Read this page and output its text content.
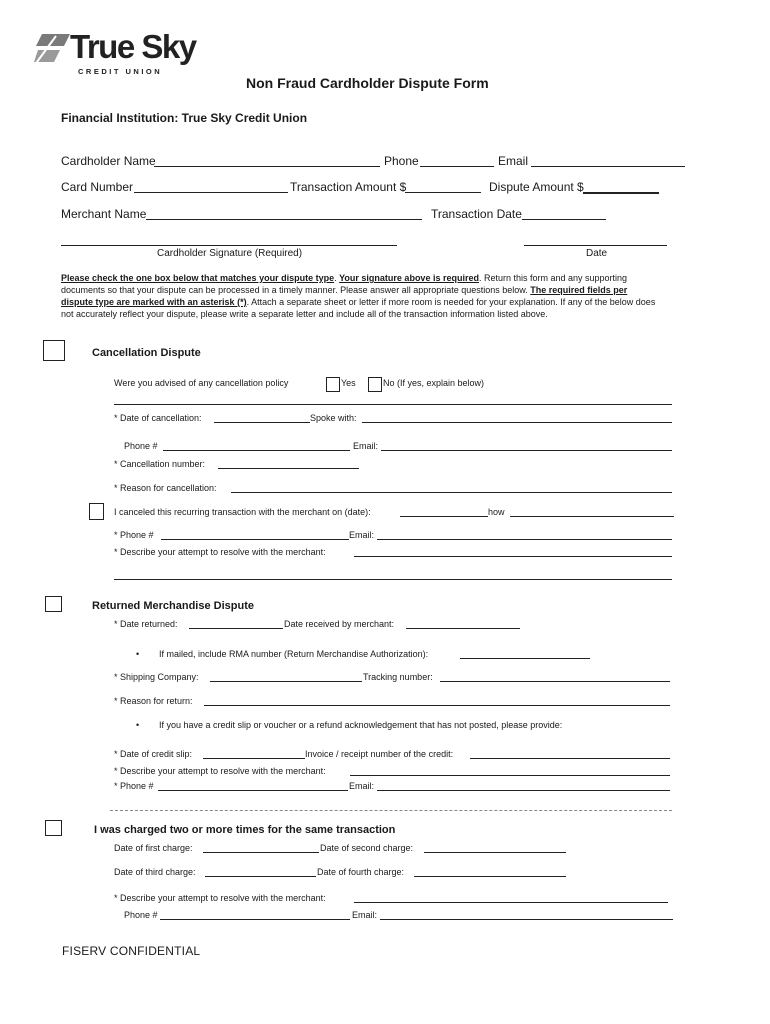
True Sky
CREDIT UNION
Non Fraud Cardholder Dispute Form
Financial Institution: True Sky Credit Union
Cardholder Name	Phone	Email
Card Number	Transaction Amount $	Dispute Amount $
Merchant Name	Transaction Date
Cardholder Signature (Required)	Date
Please check the one box below that matches your dispute type. Your signature above is required. Return this form and any supporting documents so that your dispute can be processed in a timely manner. Please answer all appropriate questions below. The required fields per dispute type are marked with an asterisk (*). Attach a separate sheet or letter if more room is needed for your explanation. If any of the below does not accurately reflect your dispute, please write a separate letter and include all of the transaction information listed above.
Cancellation Dispute
Were you advised of any cancellation policy	Yes	No (If yes, explain below)
* Date of cancellation:	Spoke with:
Phone #	Email:
* Cancellation number:
* Reason for cancellation:
I canceled this recurring transaction with the merchant on (date):	how
* Phone #	Email:
* Describe your attempt to resolve with the merchant:
Returned Merchandise Dispute
* Date returned:	Date received by merchant:
• If mailed, include RMA number (Return Merchandise Authorization):
* Shipping Company:	Tracking number:
* Reason for return:
• If you have a credit slip or voucher or a refund acknowledgement that has not posted, please provide:
* Date of credit slip:	Invoice / receipt number of the credit:
* Describe your attempt to resolve with the merchant:
* Phone #	Email:
I was charged two or more times for the same transaction
Date of first charge:	Date of second charge:
Date of third charge:	Date of fourth charge:
* Describe your attempt to resolve with the merchant:
Phone #	Email:
FISERV CONFIDENTIAL
